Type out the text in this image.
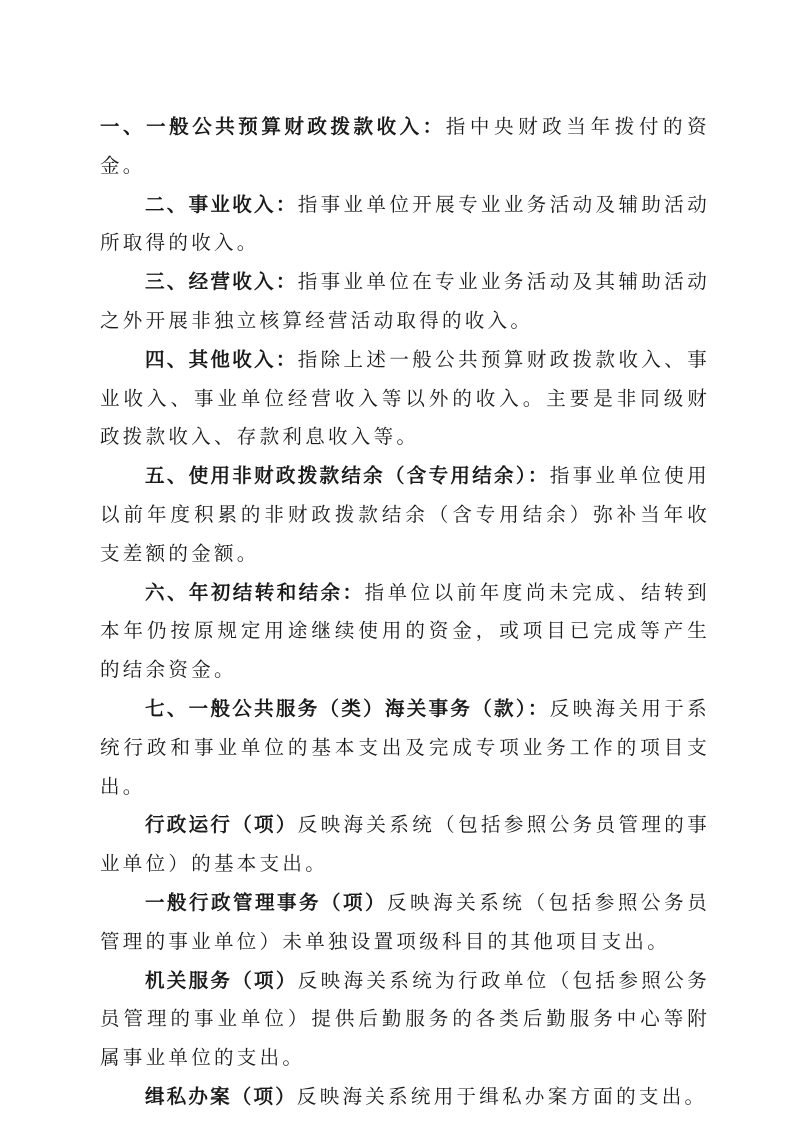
一、一般公共预算财政拨款收入：指中央财政当年拨付的资金。

二、事业收入：指事业单位开展专业业务活动及辅助活动所取得的收入。

三、经营收入：指事业单位在专业业务活动及其辅助活动之外开展非独立核算经营活动取得的收入。

四、其他收入：指除上述一般公共预算财政拨款收入、事业收入、事业单位经营收入等以外的收入。主要是非同级财政拨款收入、存款利息收入等。

五、使用非财政拨款结余（含专用结余）：指事业单位使用以前年度积累的非财政拨款结余（含专用结余）弥补当年收支差额的金额。

六、年初结转和结余：指单位以前年度尚未完成、结转到本年仍按原规定用途继续使用的资金，或项目已完成等产生的结余资金。

七、一般公共服务（类）海关事务（款）：反映海关用于系统行政和事业单位的基本支出及完成专项业务工作的项目支出。

行政运行（项）反映海关系统（包括参照公务员管理的事业单位）的基本支出。

一般行政管理事务（项）反映海关系统（包括参照公务员管理的事业单位）未单独设置项级科目的其他项目支出。

机关服务（项）反映海关系统为行政单位（包括参照公务员管理的事业单位）提供后勤服务的各类后勤服务中心等附属事业单位的支出。

缉私办案（项）反映海关系统用于缉私办案方面的支出。
